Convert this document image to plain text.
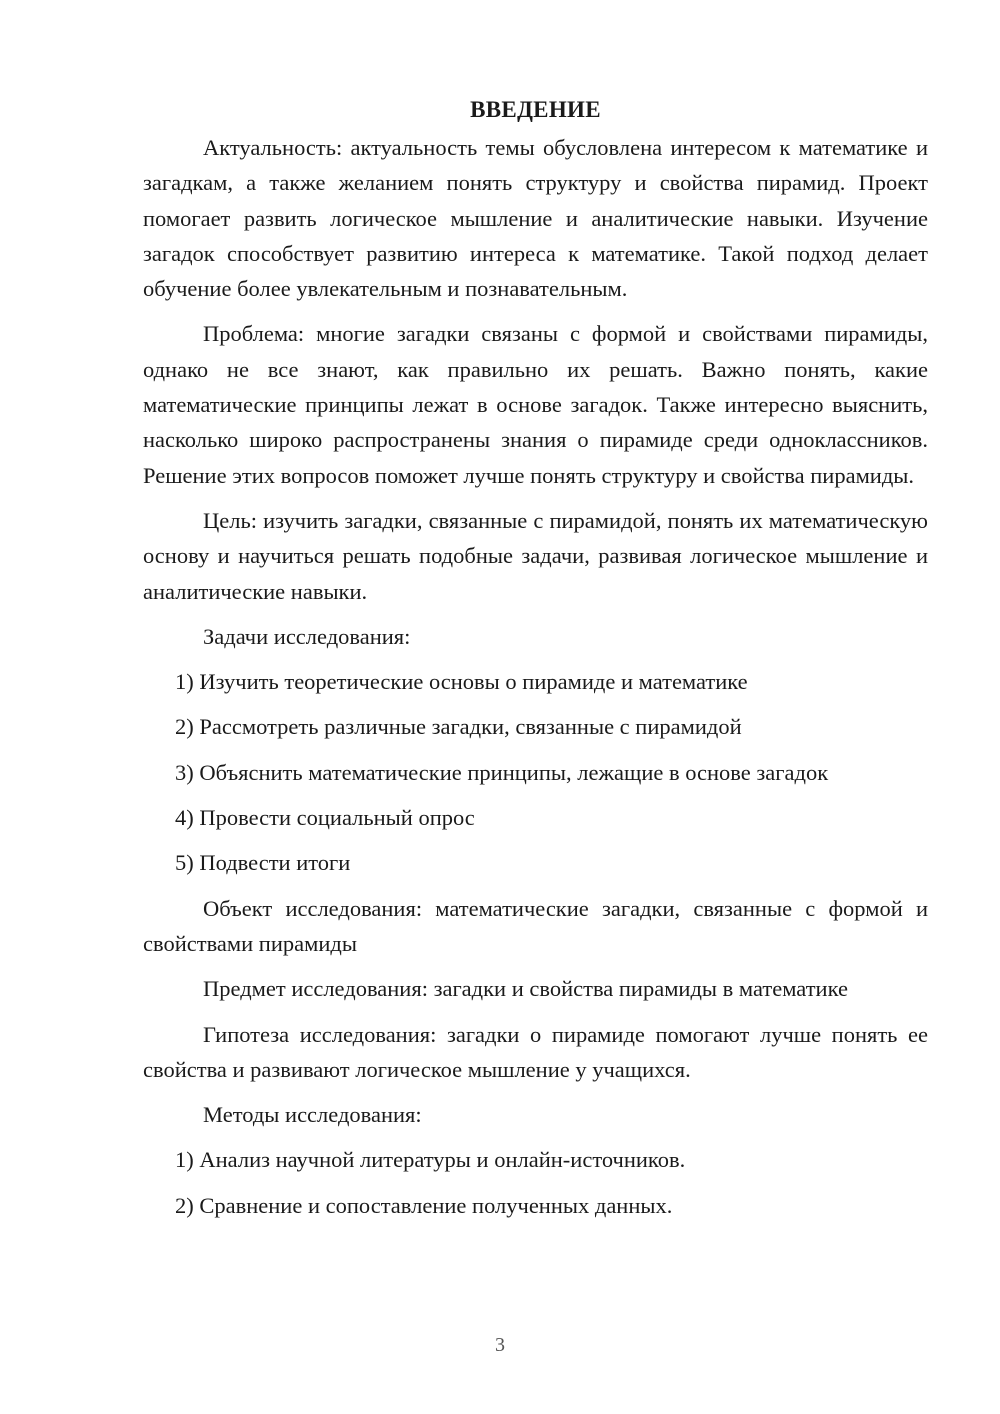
ВВЕДЕНИЕ

Актуальность: актуальность темы обусловлена интересом к математике и загадкам, а также желанием понять структуру и свойства пирамид. Проект помогает развить логическое мышление и аналитические навыки. Изучение загадок способствует развитию интереса к математике. Такой подход делает обучение более увлекательным и познавательным.

Проблема: многие загадки связаны с формой и свойствами пирамиды, однако не все знают, как правильно их решать. Важно понять, какие математические принципы лежат в основе загадок. Также интересно выяснить, насколько широко распространены знания о пирамиде среди одноклассников. Решение этих вопросов поможет лучше понять структуру и свойства пирамиды.

Цель: изучить загадки, связанные с пирамидой, понять их математическую основу и научиться решать подобные задачи, развивая логическое мышление и аналитические навыки.

Задачи исследования:
1) Изучить теоретические основы о пирамиде и математике
2) Рассмотреть различные загадки, связанные с пирамидой
3) Объяснить математические принципы, лежащие в основе загадок
4) Провести социальный опрос
5) Подвести итоги

Объект исследования: математические загадки, связанные с формой и свойствами пирамиды

Предмет исследования: загадки и свойства пирамиды в математике

Гипотеза исследования: загадки о пирамиде помогают лучше понять ее свойства и развивают логическое мышление у учащихся.

Методы исследования:
1) Анализ научной литературы и онлайн-источников.
2) Сравнение и сопоставление полученных данных.
3
